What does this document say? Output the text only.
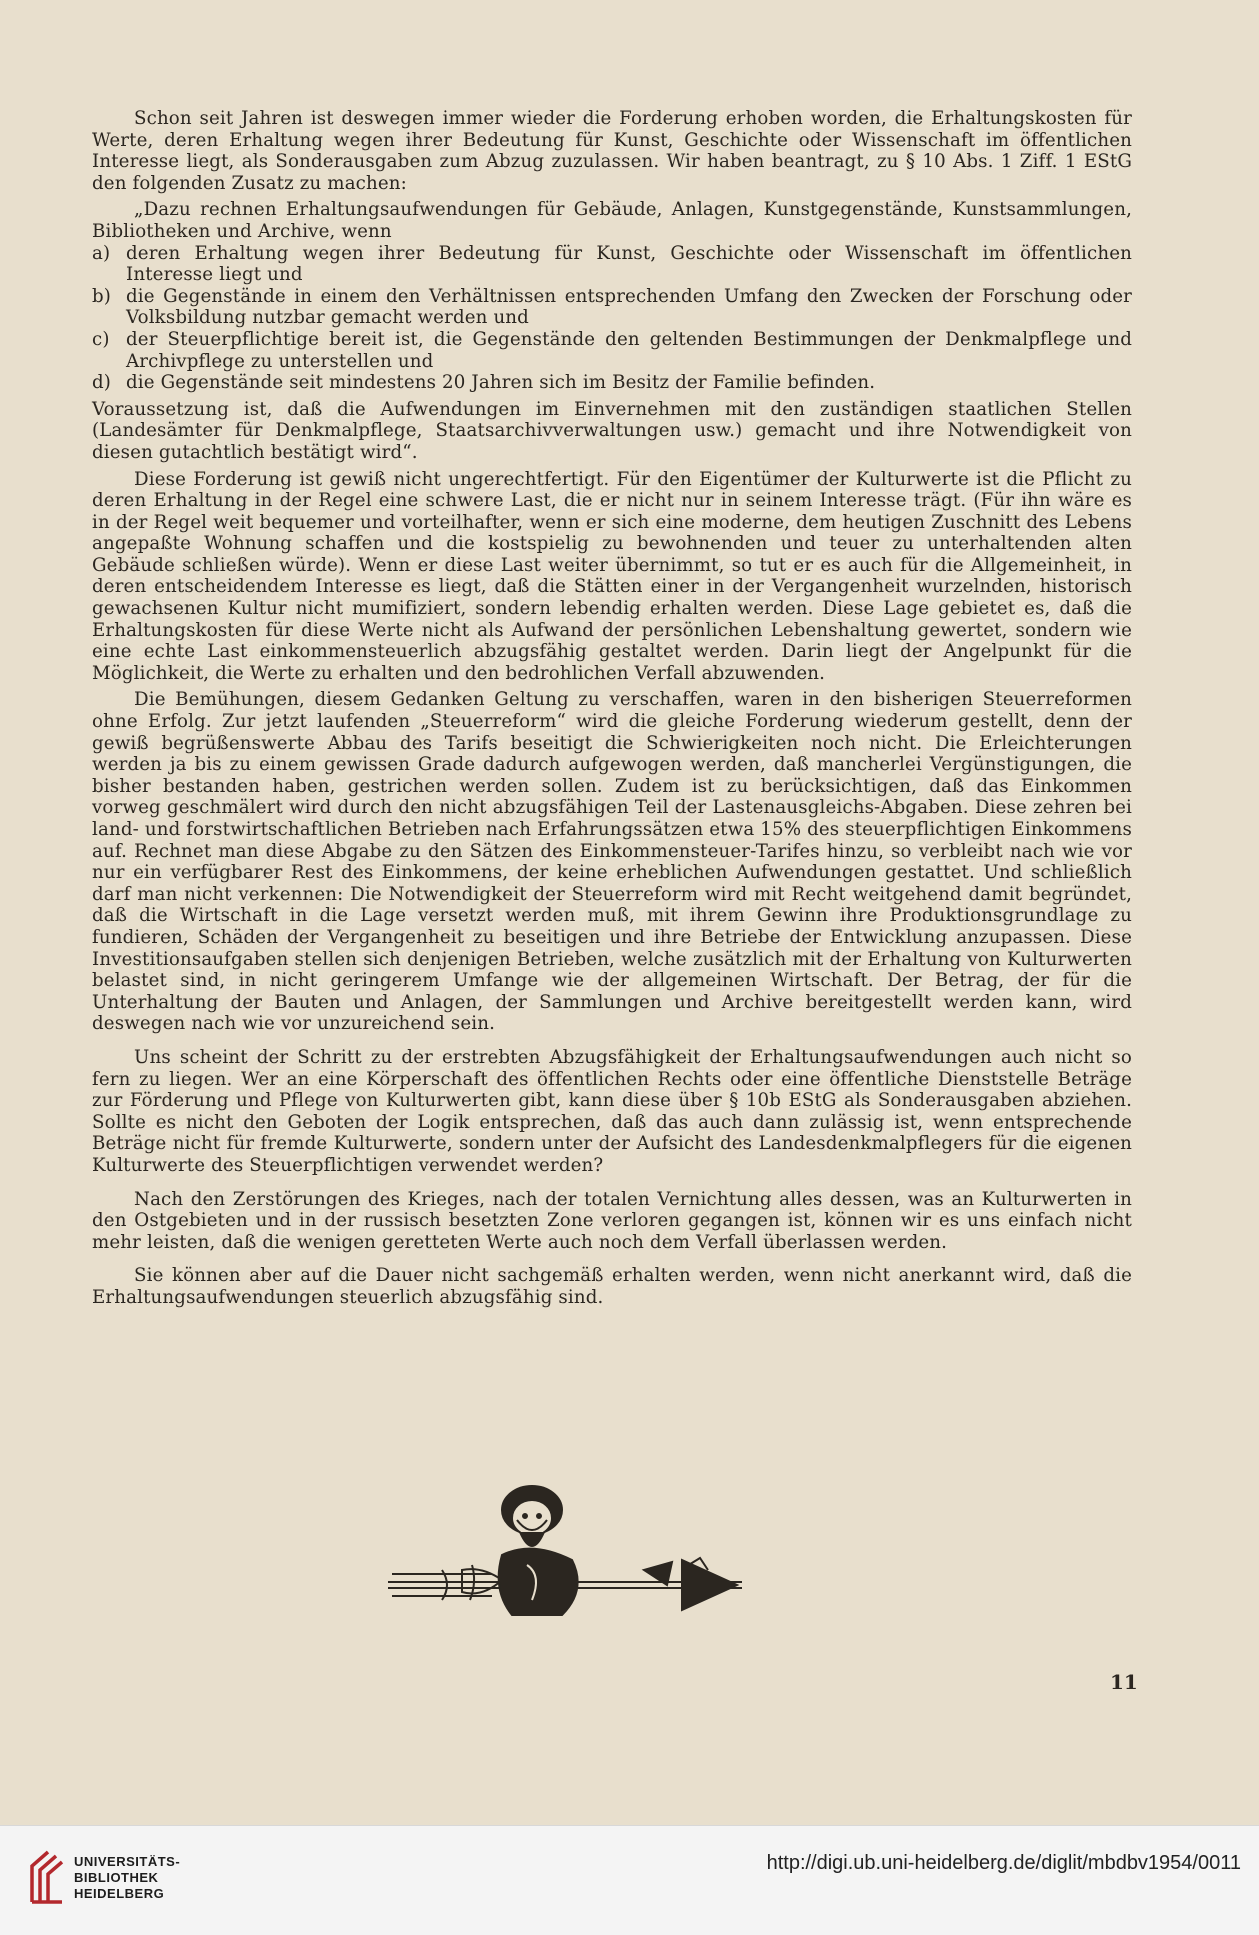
Schon seit Jahren ist deswegen immer wieder die Forderung erhoben worden, die Erhaltungskosten für Werte, deren Erhaltung wegen ihrer Bedeutung für Kunst, Geschichte oder Wissenschaft im öffentlichen Interesse liegt, als Sonderausgaben zum Abzug zuzulassen. Wir haben beantragt, zu § 10 Abs. 1 Ziff. 1 EStG den folgenden Zusatz zu machen:

„Dazu rechnen Erhaltungsaufwendungen für Gebäude, Anlagen, Kunstgegenstände, Kunstsammlungen, Bibliotheken und Archive, wenn

a) deren Erhaltung wegen ihrer Bedeutung für Kunst, Geschichte oder Wissenschaft im öffentlichen Interesse liegt und
b) die Gegenstände in einem den Verhältnissen entsprechenden Umfang den Zwecken der Forschung oder Volksbildung nutzbar gemacht werden und
c) der Steuerpflichtige bereit ist, die Gegenstände den geltenden Bestimmungen der Denkmalpflege und Archivpflege zu unterstellen und
d) die Gegenstände seit mindestens 20 Jahren sich im Besitz der Familie befinden.

Voraussetzung ist, daß die Aufwendungen im Einvernehmen mit den zuständigen staatlichen Stellen (Landesämter für Denkmalpflege, Staatsarchivverwaltungen usw.) gemacht und ihre Notwendigkeit von diesen gutachtlich bestätigt wird“.

Diese Forderung ist gewiß nicht ungerechtfertigt. Für den Eigentümer der Kulturwerte ist die Pflicht zu deren Erhaltung in der Regel eine schwere Last, die er nicht nur in seinem Interesse trägt. (Für ihn wäre es in der Regel weit bequemer und vorteilhafter, wenn er sich eine moderne, dem heutigen Zuschnitt des Lebens angepaßte Wohnung schaffen und die kostspielig zu bewohnenden und teuer zu unterhaltenden alten Gebäude schließen würde). Wenn er diese Last weiter übernimmt, so tut er es auch für die Allgemeinheit, in deren entscheidendem Interesse es liegt, daß die Stätten einer in der Vergangenheit wurzelnden, historisch gewachsenen Kultur nicht mumifiziert, sondern lebendig erhalten werden. Diese Lage gebietet es, daß die Erhaltungskosten für diese Werte nicht als Aufwand der persönlichen Lebenshaltung gewertet, sondern wie eine echte Last einkommensteuerlich abzugsfähig gestaltet werden. Darin liegt der Angelpunkt für die Möglichkeit, die Werte zu erhalten und den bedrohlichen Verfall abzuwenden.

Die Bemühungen, diesem Gedanken Geltung zu verschaffen, waren in den bisherigen Steuerreformen ohne Erfolg. Zur jetzt laufenden „Steuerreform“ wird die gleiche Forderung wiederum gestellt, denn der gewiß begrüßenswerte Abbau des Tarifs beseitigt die Schwierigkeiten noch nicht. Die Erleichterungen werden ja bis zu einem gewissen Grade dadurch aufgewogen werden, daß mancherlei Vergünstigungen, die bisher bestanden haben, gestrichen werden sollen. Zudem ist zu berücksichtigen, daß das Einkommen vorweg geschmälert wird durch den nicht abzugsfähigen Teil der Lastenausgleichs-Abgaben. Diese zehren bei land- und forstwirtschaftlichen Betrieben nach Erfahrungssätzen etwa 15% des steuerpflichtigen Einkommens auf. Rechnet man diese Abgabe zu den Sätzen des Einkommensteuer-Tarifes hinzu, so verbleibt nach wie vor nur ein verfügbarer Rest des Einkommens, der keine erheblichen Aufwendungen gestattet. Und schließlich darf man nicht verkennen: Die Notwendigkeit der Steuerreform wird mit Recht weitgehend damit begründet, daß die Wirtschaft in die Lage versetzt werden muß, mit ihrem Gewinn ihre Produktionsgrundlage zu fundieren, Schäden der Vergangenheit zu beseitigen und ihre Betriebe der Entwicklung anzupassen. Diese Investitionsaufgaben stellen sich denjenigen Betrieben, welche zusätzlich mit der Erhaltung von Kulturwerten belastet sind, in nicht geringerem Umfange wie der allgemeinen Wirtschaft. Der Betrag, der für die Unterhaltung der Bauten und Anlagen, der Sammlungen und Archive bereitgestellt werden kann, wird deswegen nach wie vor unzureichend sein.

Uns scheint der Schritt zu der erstrebten Abzugsfähigkeit der Erhaltungsaufwendungen auch nicht so fern zu liegen. Wer an eine Körperschaft des öffentlichen Rechts oder eine öffentliche Dienststelle Beträge zur Förderung und Pflege von Kulturwerten gibt, kann diese über § 10b EStG als Sonderausgaben abziehen. Sollte es nicht den Geboten der Logik entsprechen, daß das auch dann zulässig ist, wenn entsprechende Beträge nicht für fremde Kulturwerte, sondern unter der Aufsicht des Landesdenkmalpflegers für die eigenen Kulturwerte des Steuerpflichtigen verwendet werden?

Nach den Zerstörungen des Krieges, nach der totalen Vernichtung alles dessen, was an Kulturwerten in den Ostgebieten und in der russisch besetzten Zone verloren gegangen ist, können wir es uns einfach nicht mehr leisten, daß die wenigen geretteten Werte auch noch dem Verfall überlassen werden.

Sie können aber auf die Dauer nicht sachgemäß erhalten werden, wenn nicht anerkannt wird, daß die Erhaltungsaufwendungen steuerlich abzugsfähig sind.

11
UNIVERSITÄTS-
BIBLIOTHEK
HEIDELBERG
http://digi.ub.uni-heidelberg.de/diglit/mbdbv1954/0011
